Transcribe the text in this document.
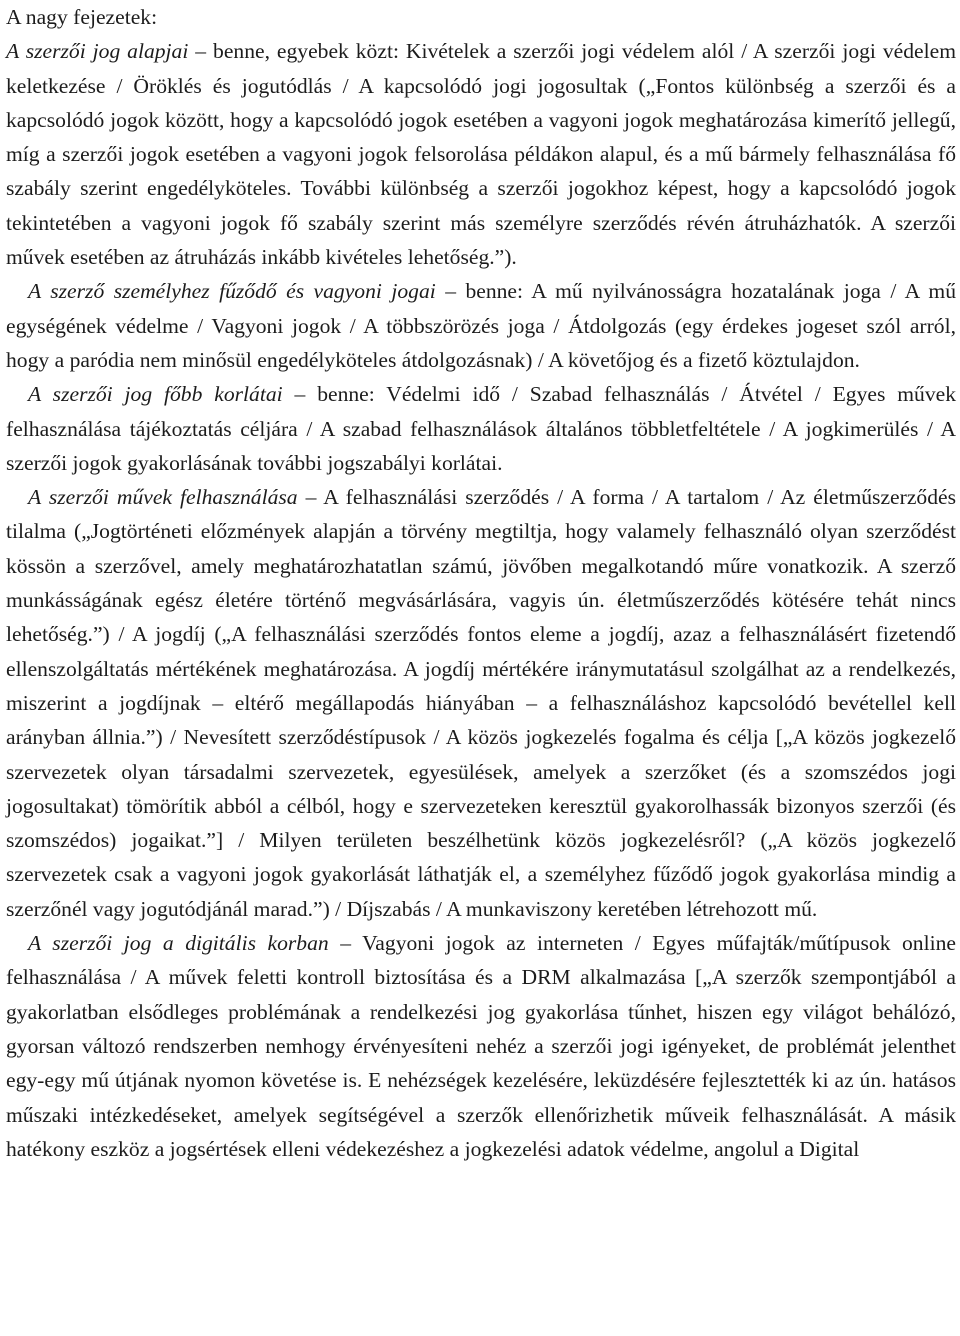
A nagy fejezetek:

A szerzői jog alapjai – benne, egyebek közt: Kivételek a szerzői jogi védelem alól / A szerzői jogi védelem keletkezése / Öröklés és jogutódlás / A kapcsolódó jogi jogosultak („Fontos különbség a szerzői és a kapcsolódó jogok között, hogy a kapcsolódó jogok esetében a vagyoni jogok meghatározása kimerítő jellegű, míg a szerzői jogok esetében a vagyoni jogok felsorolása példákon alapul, és a mű bármely felhasználása fő szabály szerint engedélyköteles. További különbség a szerzői jogokhoz képest, hogy a kapcsolódó jogok tekintetében a vagyoni jogok fő szabály szerint más személyre szerződés révén átruházhatók. A szerzői művek esetében az átruházás inkább kivételes lehetőség.”).

A szerző személyhez fűződő és vagyoni jogai – benne: A mű nyilvánosságra hozatalának joga / A mű egységének védelme / Vagyoni jogok / A többszörözés joga / Átdolgozás (egy érdekes jogeset szól arról, hogy a paródia nem minősül engedélyköteles átdolgozásnak) / A követőjog és a fizető köztulajdon.

A szerzői jog főbb korlátai – benne: Védelmi idő / Szabad felhasználás / Átvétel / Egyes művek felhasználása tájékoztatás céljára / A szabad felhasználások általános többletfeltétele / A jogkimerülés / A szerzői jogok gyakorlásának további jogszabályi korlátai.

A szerzői művek felhasználása – A felhasználási szerződés / A forma / A tartalom / Az életműszerződés tilalma („Jogtörténeti előzmények alapján a törvény megtiltja, hogy valamely felhasználó olyan szerződést kössön a szerzővel, amely meghatározhatatlan számú, jövőben megalkotandó műre vonatkozik. A szerző munkásságának egész életére történő megvásárlására, vagyis ún. életműszerződés kötésére tehát nincs lehetőség.”) / A jogdíj („A felhasználási szerződés fontos eleme a jogdíj, azaz a felhasználásért fizetendő ellenszolgáltatás mértékének meghatározása. A jogdíj mértékére iránymutatásul szolgálhat az a rendelkezés, miszerint a jogdíjnak – eltérő megállapodás hiányában – a felhasználáshoz kapcsolódó bevétellel kell arányban állnia.”) / Nevesített szerződéstípusok / A közös jogkezelés fogalma és célja [„A közös jogkezelő szervezetek olyan társadalmi szervezetek, egyesülések, amelyek a szerzőket (és a szomszédos jogi jogosultakat) tömörítik abból a célból, hogy e szervezeteken keresztül gyakorolhassák bizonyos szerzői (és szomszédos) jogaikat.”] / Milyen területen beszélhetünk közös jogkezelésről? („A közös jogkezelő szervezetek csak a vagyoni jogok gyakorlását láthatják el, a személyhez fűződő jogok gyakorlása mindig a szerzőnél vagy jogutódjánál marad.”) / Díjszabás / A munkaviszony keretében létrehozott mű.

A szerzői jog a digitális korban – Vagyoni jogok az interneten / Egyes műfajták/műtípusok online felhasználása / A művek feletti kontroll biztosítása és a DRM alkalmazása [„A szerzők szempontjából a gyakorlatban elsődleges problémának a rendelkezési jog gyakorlása tűnhet, hiszen egy világot behálózó, gyorsan változó rendszerben nemhogy érvényesíteni nehéz a szerzői jogi igényeket, de problémát jelenthet egy-egy mű útjának nyomon követése is. E nehézségek kezelésére, leküzdésére fejlesztették ki az ún. hatásos műszaki intézkedéseket, amelyek segítségével a szerzők ellenőrizhetik műveik felhasználását. A másik hatékony eszköz a jogsértések elleni védekezéshez a jogkezelési adatok védelme, angolul a Digital
